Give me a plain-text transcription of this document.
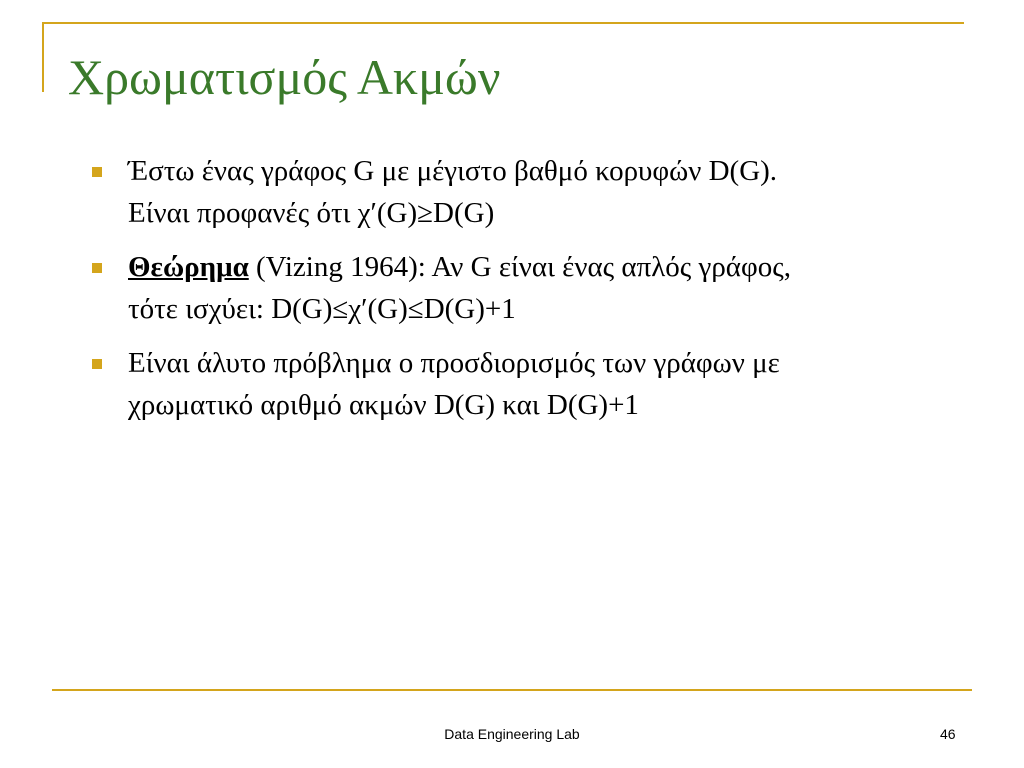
Χρωματισμός Ακμών
Έστω ένας γράφος G με μέγιστο βαθμό κορυφών D(G).
Είναι προφανές ότι χ′(G)≥D(G)
Θεώρημα (Vizing 1964): Αν G είναι ένας απλός γράφος,
τότε ισχύει: D(G)≤χ′(G)≤D(G)+1
Είναι άλυτο πρόβλημα ο προσδιορισμός των γράφων με
χρωματικό αριθμό ακμών D(G) και D(G)+1
Data Engineering Lab	46
